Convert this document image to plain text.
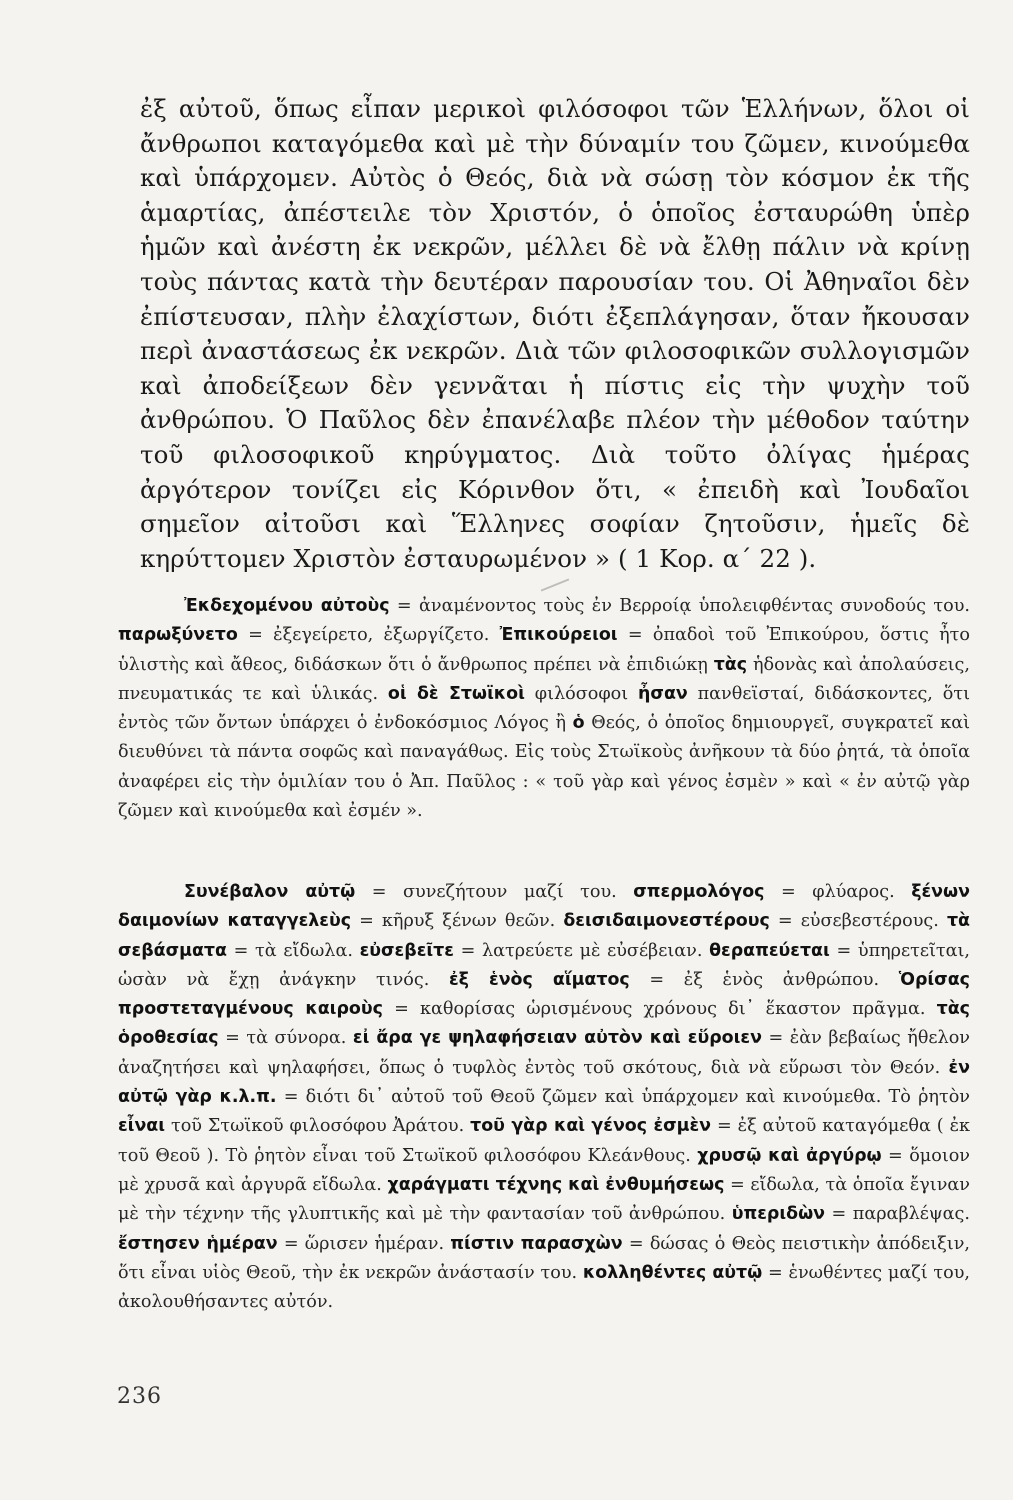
ἐξ αὐτοῦ, ὅπως εἶπαν μερικοὶ φιλόσοφοι τῶν Ἑλλήνων, ὅλοι οἱ ἄνθρωποι καταγόμεθα καὶ μὲ τὴν δύναμίν του ζῶμεν, κινούμεθα καὶ ὑπάρχομεν. Αὐτὸς ὁ Θεός, διὰ νὰ σώσῃ τὸν κόσμον ἐκ τῆς ἁμαρτίας, ἀπέστειλε τὸν Χριστόν, ὁ ὁποῖος ἐσταυρώθη ὑπὲρ ἡμῶν καὶ ἀνέστη ἐκ νεκρῶν, μέλλει δὲ νὰ ἔλθῃ πάλιν νὰ κρίνῃ τοὺς πάντας κατὰ τὴν δευτέραν παρουσίαν του. Οἱ Ἀθηναῖοι δὲν ἐπίστευσαν, πλὴν ἐλαχίστων, διότι ἐξεπλάγησαν, ὅταν ἤκουσαν περὶ ἀναστάσεως ἐκ νεκρῶν. Διὰ τῶν φιλοσοφικῶν συλλογισμῶν καὶ ἀποδείξεων δὲν γεννᾶται ἡ πίστις εἰς τὴν ψυχὴν τοῦ ἀνθρώπου. Ὁ Παῦλος δὲν ἐπανέλαβε πλέον τὴν μέθοδον ταύτην τοῦ φιλοσοφικοῦ κηρύγματος. Διὰ τοῦτο ὀλίγας ἡμέρας ἀργότερον τονίζει εἰς Κόρινθον ὅτι, « ἐπειδὴ καὶ Ἰουδαῖοι σημεῖον αἰτοῦσι καὶ Ἕλληνες σοφίαν ζητοῦσιν, ἡμεῖς δὲ κηρύττομεν Χριστὸν ἐσταυρωμένον » ( 1 Κορ. α΄ 22 ).

Ἐκδεχομένου αὐτοὺς = ἀναμένοντος τοὺς ἐν Βερροίᾳ ὑπολειφθέντας συνοδούς του. παρωξύνετο = ἐξεγείρετο, ἐξωργίζετο. Ἐπικούρειοι = ὀπαδοὶ τοῦ Ἐπικούρου, ὅστις ἦτο ὑλιστὴς καὶ ἄθεος, διδάσκων ὅτι ὁ ἄνθρωπος πρέπει νὰ ἐπιδιώκῃ τὰς ἡδονὰς καὶ ἀπολαύσεις, πνευματικάς τε καὶ ὑλικάς. οἱ δὲ Στωϊκοὶ φιλόσοφοι ἦσαν πανθεϊσταί, διδάσκοντες, ὅτι ἐντὸς τῶν ὄντων ὑπάρχει ὁ ἐνδοκόσμιος Λόγος ἢ ὁ Θεός, ὁ ὁποῖος δημιουργεῖ, συγκρατεῖ καὶ διευθύνει τὰ πάντα σοφῶς καὶ παναγάθως. Εἰς τοὺς Στωϊκοὺς ἀνῆκουν τὰ δύο ῥητά, τὰ ὁποῖα ἀναφέρει εἰς τὴν ὁμιλίαν του ὁ Ἀπ. Παῦλος : « τοῦ γὰρ καὶ γένος ἐσμὲν » καὶ « ἐν αὐτῷ γὰρ ζῶμεν καὶ κινούμεθα καὶ ἐσμέν ».

Συνέβαλον αὐτῷ = συνεζήτουν μαζί του. σπερμολόγος = φλύαρος. ξένων δαιμονίων καταγγελεὺς = κῆρυξ ξένων θεῶν. δεισιδαιμονεστέρους = εὐσεβεστέρους. τὰ σεβάσματα = τὰ εἴδωλα. εὐσεβεῖτε = λατρεύετε μὲ εὐσέβειαν. θεραπεύεται = ὑπηρετεῖται, ὡσὰν νὰ ἔχῃ ἀνάγκην τινός. ἐξ ἑνὸς αἵματος = ἐξ ἑνὸς ἀνθρώπου. Ὁρίσας προστεταγμένους καιροὺς = καθορίσας ὡρισμένους χρόνους δι᾽ ἕκαστον πρᾶγμα. τὰς ὁροθεσίας = τὰ σύνορα. εἰ ἄρα γε ψηλαφήσειαν αὐτὸν καὶ εὕροιεν = ἐὰν βεβαίως ἤθελον ἀναζητήσει καὶ ψηλαφήσει, ὅπως ὁ τυφλὸς ἐντὸς τοῦ σκότους, διὰ νὰ εὕρωσι τὸν Θεόν. ἐν αὐτῷ γὰρ κ.λ.π. = διότι δι᾽ αὐτοῦ τοῦ Θεοῦ ζῶμεν καὶ ὑπάρχομεν καὶ κινούμεθα. Τὸ ῥητὸν εἶναι τοῦ Στωϊκοῦ φιλοσόφου Ἀράτου. τοῦ γὰρ καὶ γένος ἐσμὲν = ἐξ αὐτοῦ καταγόμεθα ( ἐκ τοῦ Θεοῦ ). Τὸ ῥητὸν εἶναι τοῦ Στωϊκοῦ φιλοσόφου Κλεάνθους. χρυσῷ καὶ ἀργύρῳ = ὅμοιον μὲ χρυσᾶ καὶ ἀργυρᾶ εἴδωλα. χαράγματι τέχνης καὶ ἐνθυμήσεως = εἴδωλα, τὰ ὁποῖα ἔγιναν μὲ τὴν τέχνην τῆς γλυπτικῆς καὶ μὲ τὴν φαντασίαν τοῦ ἀνθρώπου. ὑπεριδὼν = παραβλέψας. ἔστησεν ἡμέραν = ὥρισεν ἡμέραν. πίστιν παρασχὼν = δώσας ὁ Θεὸς πειστικὴν ἀπόδειξιν, ὅτι εἶναι υἱὸς Θεοῦ, τὴν ἐκ νεκρῶν ἀνάστασίν του. κολληθέντες αὐτῷ = ἑνωθέντες μαζί του, ἀκολουθήσαντες αὐτόν.

236
